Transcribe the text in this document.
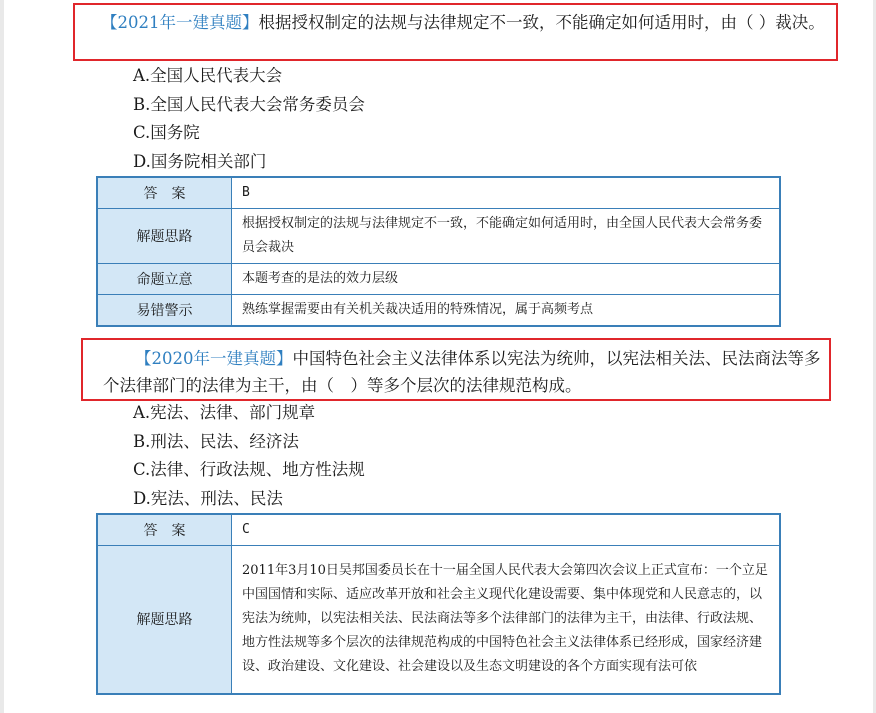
【2021年一建真题】根据授权制定的法规与法律规定不一致，不能确定如何适用时，由（ ）裁决。
A.全国人民代表大会
B.全国人民代表大会常务委员会
C.国务院
D.国务院相关部门
答　案	B
解题思路	根据授权制定的法规与法律规定不一致，不能确定如何适用时，由全国人民代表大会常务委员会裁决
命题立意	本题考查的是法的效力层级
易错警示	熟练掌握需要由有关机关裁决适用的特殊情况，属于高频考点
【2020年一建真题】中国特色社会主义法律体系以宪法为统帅，以宪法相关法、民法商法等多个法律部门的法律为主干，由（　）等多个层次的法律规范构成。
A.宪法、法律、部门规章
B.刑法、民法、经济法
C.法律、行政法规、地方性法规
D.宪法、刑法、民法
答　案	C
解题思路	2011年3月10日吴邦国委员长在十一届全国人民代表大会第四次会议上正式宣布：一个立足中国国情和实际、适应改革开放和社会主义现代化建设需要、集中体现党和人民意志的，以宪法为统帅，以宪法相关法、民法商法等多个法律部门的法律为主干，由法律、行政法规、地方性法规等多个层次的法律规范构成的中国特色社会主义法律体系已经形成，国家经济建设、政治建设、文化建设、社会建设以及生态文明建设的各个方面实现有法可依
